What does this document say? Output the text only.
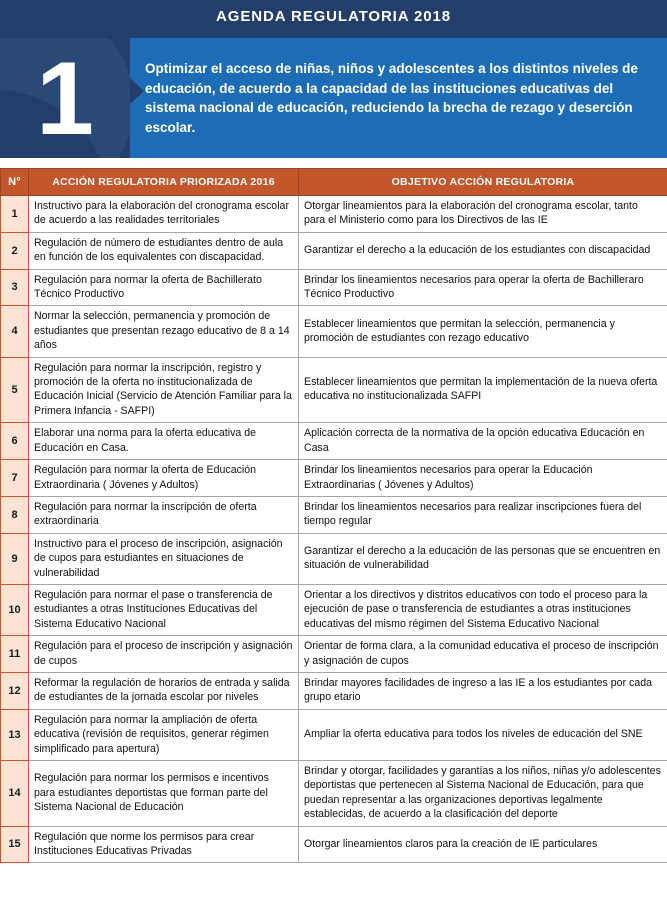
AGENDA REGULATORIA 2018
Optimizar el acceso de niñas, niños y adolescentes a los distintos niveles de educación, de acuerdo a la capacidad de las instituciones educativas del sistema nacional de educación, reduciendo la brecha de rezago y deserción escolar.
1
N°	ACCIÓN REGULATORIA PRIORIZADA 2016	OBJETIVO ACCIÓN REGULATORIA
1	Instructivo para la elaboración del cronograma escolar de acuerdo a las realidades territoriales	Otorgar lineamientos para la elaboración del cronograma escolar, tanto para el Ministerio como para los Directivos de las IE
2	Regulación de número de estudiantes dentro de aula en función de los equivalentes con discapacidad.	Garantizar el derecho a la educación de los estudiantes con discapacidad
3	Regulación para normar la oferta de Bachillerato Técnico Productivo	Brindar los lineamientos necesarios para operar la oferta de Bachilleraro Técnico Productivo
4	Normar la selección, permanencia y promoción de estudiantes que presentan rezago educativo de 8 a 14 años	Establecer lineamientos que permitan la selección, permanencia y promoción de estudiantes con rezago educativo
5	Regulación para normar la inscripción, registro y promoción de la oferta no institucionalizada de Educación Inicial (Servicio de Atención Familiar para la Primera Infancia - SAFPI)	Establecer lineamientos que permitan la implementación de la nueva oferta educativa no institucionalizada SAFPI
6	Elaborar una norma para la oferta educativa de Educación en Casa.	Aplicación correcta de la normativa de la opción educativa Educación en Casa
7	Regulación para normar la oferta de Educación Extraordinaria ( Jóvenes y Adultos)	Brindar los lineamientos necesarios para operar la Educación Extraordinarias ( Jóvenes y Adultos)
8	Regulación para normar la inscripción de oferta extraordinaria	Brindar los lineamientos necesarios para realizar inscripciones fuera del tiempo regular
9	Instructivo para el proceso de inscripción, asignación de cupos para estudiantes en situaciones de vulnerabilidad	Garantizar el derecho a la educación de las personas que se encuentren en situación de vulnerabilidad
10	Regulación para normar el pase o transferencia de estudiantes a otras Instituciones Educativas del Sistema Educativo Nacional	Orientar a los directivos y distritos educativos con todo el proceso para la ejecución de pase o transferencia de estudiantes a otras instituciones educativas del mismo régimen del Sistema Educativo Nacional
11	Regulación para el proceso de inscripción y asignación de cupos	Orientar de forma clara, a la comunidad educativa el proceso de inscripción y asignación de cupos
12	Reformar la regulación de horarios de entrada y salida de estudiantes de la jornada escolar por niveles	Brindar mayores facilidades de ingreso a las IE a los estudiantes por cada grupo etario
13	Regulación para normar la ampliación de oferta educativa (revisión de requisitos, generar régimen simplificado para apertura)	Ampliar la oferta educativa para todos los niveles de educación del SNE
14	Regulación para normar los permisos e incentivos para estudiantes deportistas que forman parte del Sistema Nacional de Educación	Brindar y otorgar, facilidades y garantías a los niños, niñas y/o adolescentes deportistas que pertenecen al Sistema Nacional de Educación, para que puedan representar a las organizaciones deportivas legalmente establecidas, de acuerdo a la clasificación del deporte
15	Regulación que norme los permisos para crear Instituciones Educativas Privadas	Otorgar lineamientos claros para la creación de IE particulares
